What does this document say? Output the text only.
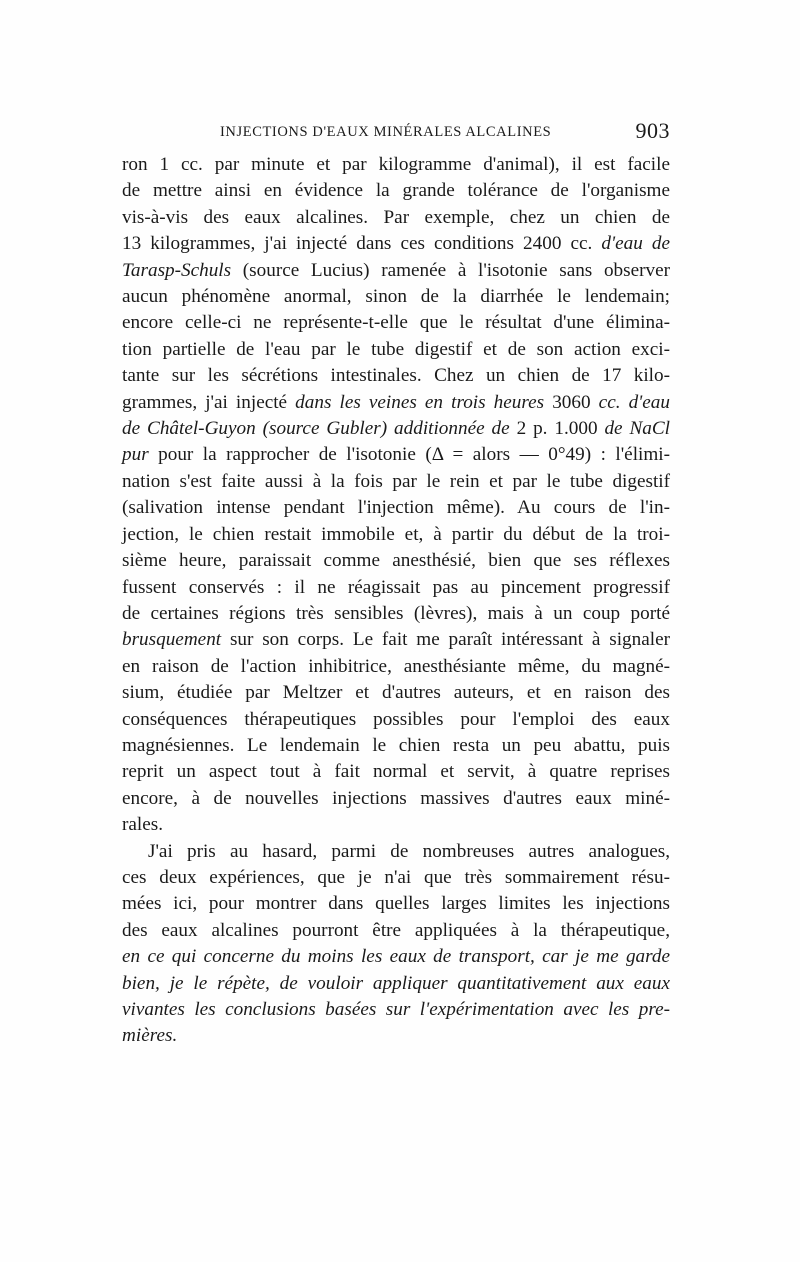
INJECTIONS D'EAUX MINÉRALES ALCALINES	903
ron 1 cc. par minute et par kilogramme d'animal), il est facile
de mettre ainsi en évidence la grande tolérance de l'organisme
vis-à-vis des eaux alcalines. Par exemple, chez un chien de
13 kilogrammes, j'ai injecté dans ces conditions 2400 cc. d'eau de
Tarasp-Schuls (source Lucius) ramenée à l'isotonie sans observer
aucun phénomène anormal, sinon de la diarrhée le lendemain;
encore celle-ci ne représente-t-elle que le résultat d'une élimina-
tion partielle de l'eau par le tube digestif et de son action exci-
tante sur les sécrétions intestinales. Chez un chien de 17 kilo-
grammes, j'ai injecté dans les veines en trois heures 3060 cc. d'eau
de Châtel-Guyon (source Gubler) additionnée de 2 p. 1.000 de NaCl
pur pour la rapprocher de l'isotonie (Δ = alors — 0°49) : l'élimi-
nation s'est faite aussi à la fois par le rein et par le tube digestif
(salivation intense pendant l'injection même). Au cours de l'in-
jection, le chien restait immobile et, à partir du début de la troi-
sième heure, paraissait comme anesthésié, bien que ses réflexes
fussent conservés : il ne réagissait pas au pincement progressif
de certaines régions très sensibles (lèvres), mais à un coup porté
brusquement sur son corps. Le fait me paraît intéressant à signaler
en raison de l'action inhibitrice, anesthésiante même, du magné-
sium, étudiée par Meltzer et d'autres auteurs, et en raison des
conséquences thérapeutiques possibles pour l'emploi des eaux
magnésiennes. Le lendemain le chien resta un peu abattu, puis
reprit un aspect tout à fait normal et servit, à quatre reprises
encore, à de nouvelles injections massives d'autres eaux miné-
rales.
J'ai pris au hasard, parmi de nombreuses autres analogues,
ces deux expériences, que je n'ai que très sommairement résu-
mées ici, pour montrer dans quelles larges limites les injections
des eaux alcalines pourront être appliquées à la thérapeutique,
en ce qui concerne du moins les eaux de transport, car je me garde
bien, je le répète, de vouloir appliquer quantitativement aux eaux
vivantes les conclusions basées sur l'expérimentation avec les pre-
mières.
